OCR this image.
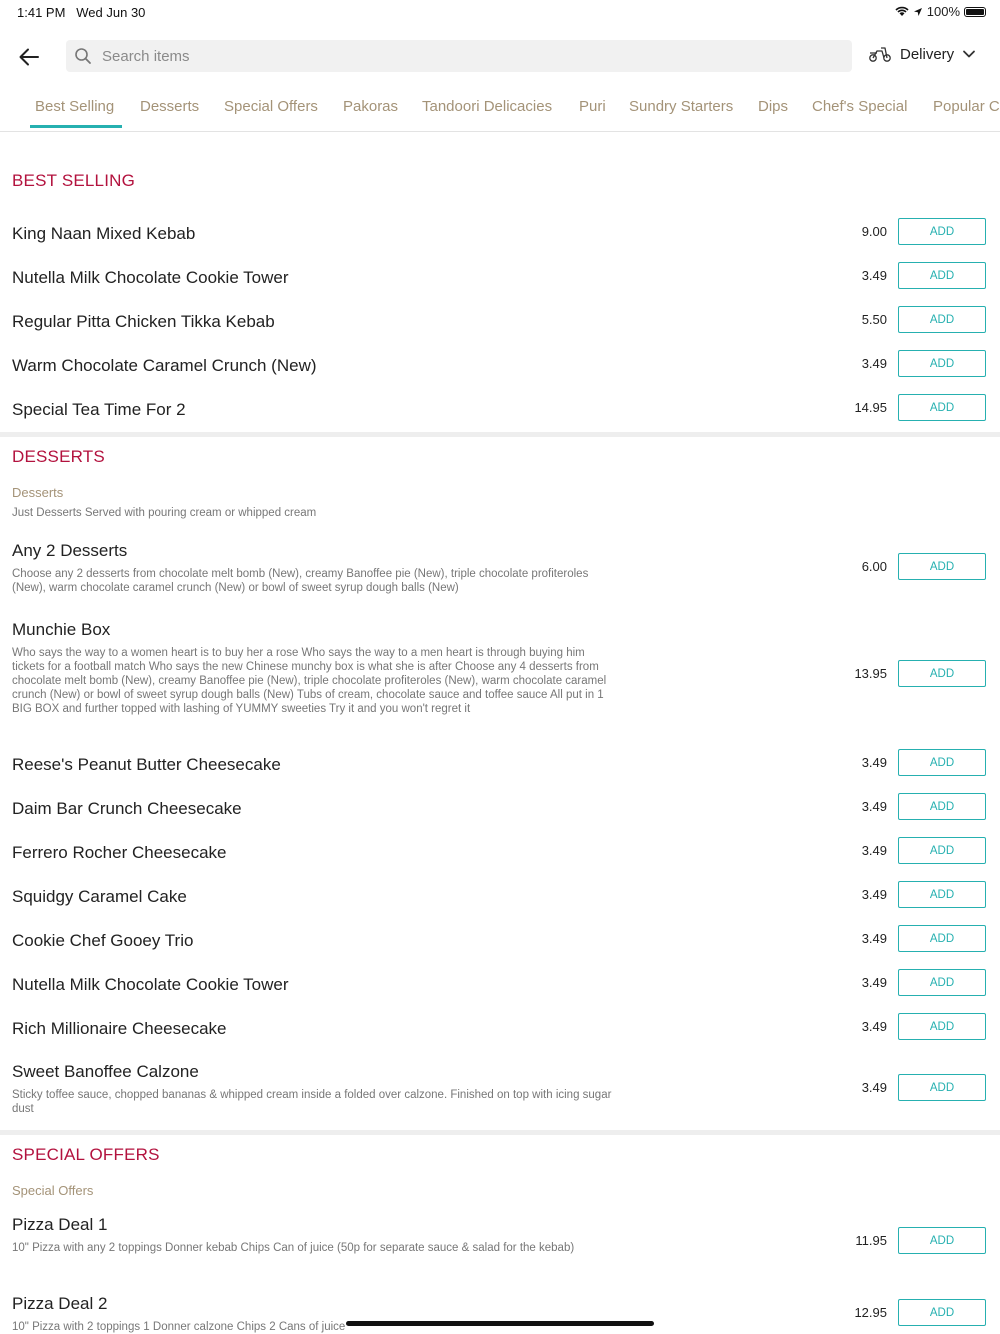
1:41 PM Wed Jun 30	100%
Search items
Delivery
Best Selling Desserts Special Offers Pakoras Tandoori Delicacies Puri Sundry Starters Dips Chef's Special Popular C
BEST SELLING
King Naan Mixed Kebab	9.00	ADD
Nutella Milk Chocolate Cookie Tower	3.49	ADD
Regular Pitta Chicken Tikka Kebab	5.50	ADD
Warm Chocolate Caramel Crunch (New)	3.49	ADD
Special Tea Time For 2	14.95	ADD
DESSERTS
Desserts
Just Desserts Served with pouring cream or whipped cream
Any 2 Desserts
Choose any 2 desserts from chocolate melt bomb (New), creamy Banoffee pie (New), triple chocolate profiteroles (New), warm chocolate caramel crunch (New) or bowl of sweet syrup dough balls (New)
6.00	ADD
Munchie Box
Who says the way to a women heart is to buy her a rose Who says the way to a men heart is through buying him tickets for a football match Who says the new Chinese munchy box is what she is after Choose any 4 desserts from chocolate melt bomb (New), creamy Banoffee pie (New), triple chocolate profiteroles (New), warm chocolate caramel crunch (New) or bowl of sweet syrup dough balls (New) Tubs of cream, chocolate sauce and toffee sauce All put in 1 BIG BOX and further topped with lashing of YUMMY sweeties Try it and you won't regret it
13.95	ADD
Reese's Peanut Butter Cheesecake	3.49	ADD
Daim Bar Crunch Cheesecake	3.49	ADD
Ferrero Rocher Cheesecake	3.49	ADD
Squidgy Caramel Cake	3.49	ADD
Cookie Chef Gooey Trio	3.49	ADD
Nutella Milk Chocolate Cookie Tower	3.49	ADD
Rich Millionaire Cheesecake	3.49	ADD
Sweet Banoffee Calzone
Sticky toffee sauce, chopped bananas & whipped cream inside a folded over calzone. Finished on top with icing sugar dust
3.49	ADD
SPECIAL OFFERS
Special Offers
Pizza Deal 1
10" Pizza with any 2 toppings Donner kebab Chips Can of juice (50p for separate sauce & salad for the kebab)	11.95	ADD
Pizza Deal 2
10" Pizza with 2 toppings 1 Donner calzone Chips 2 Cans of juice
12.95	ADD
